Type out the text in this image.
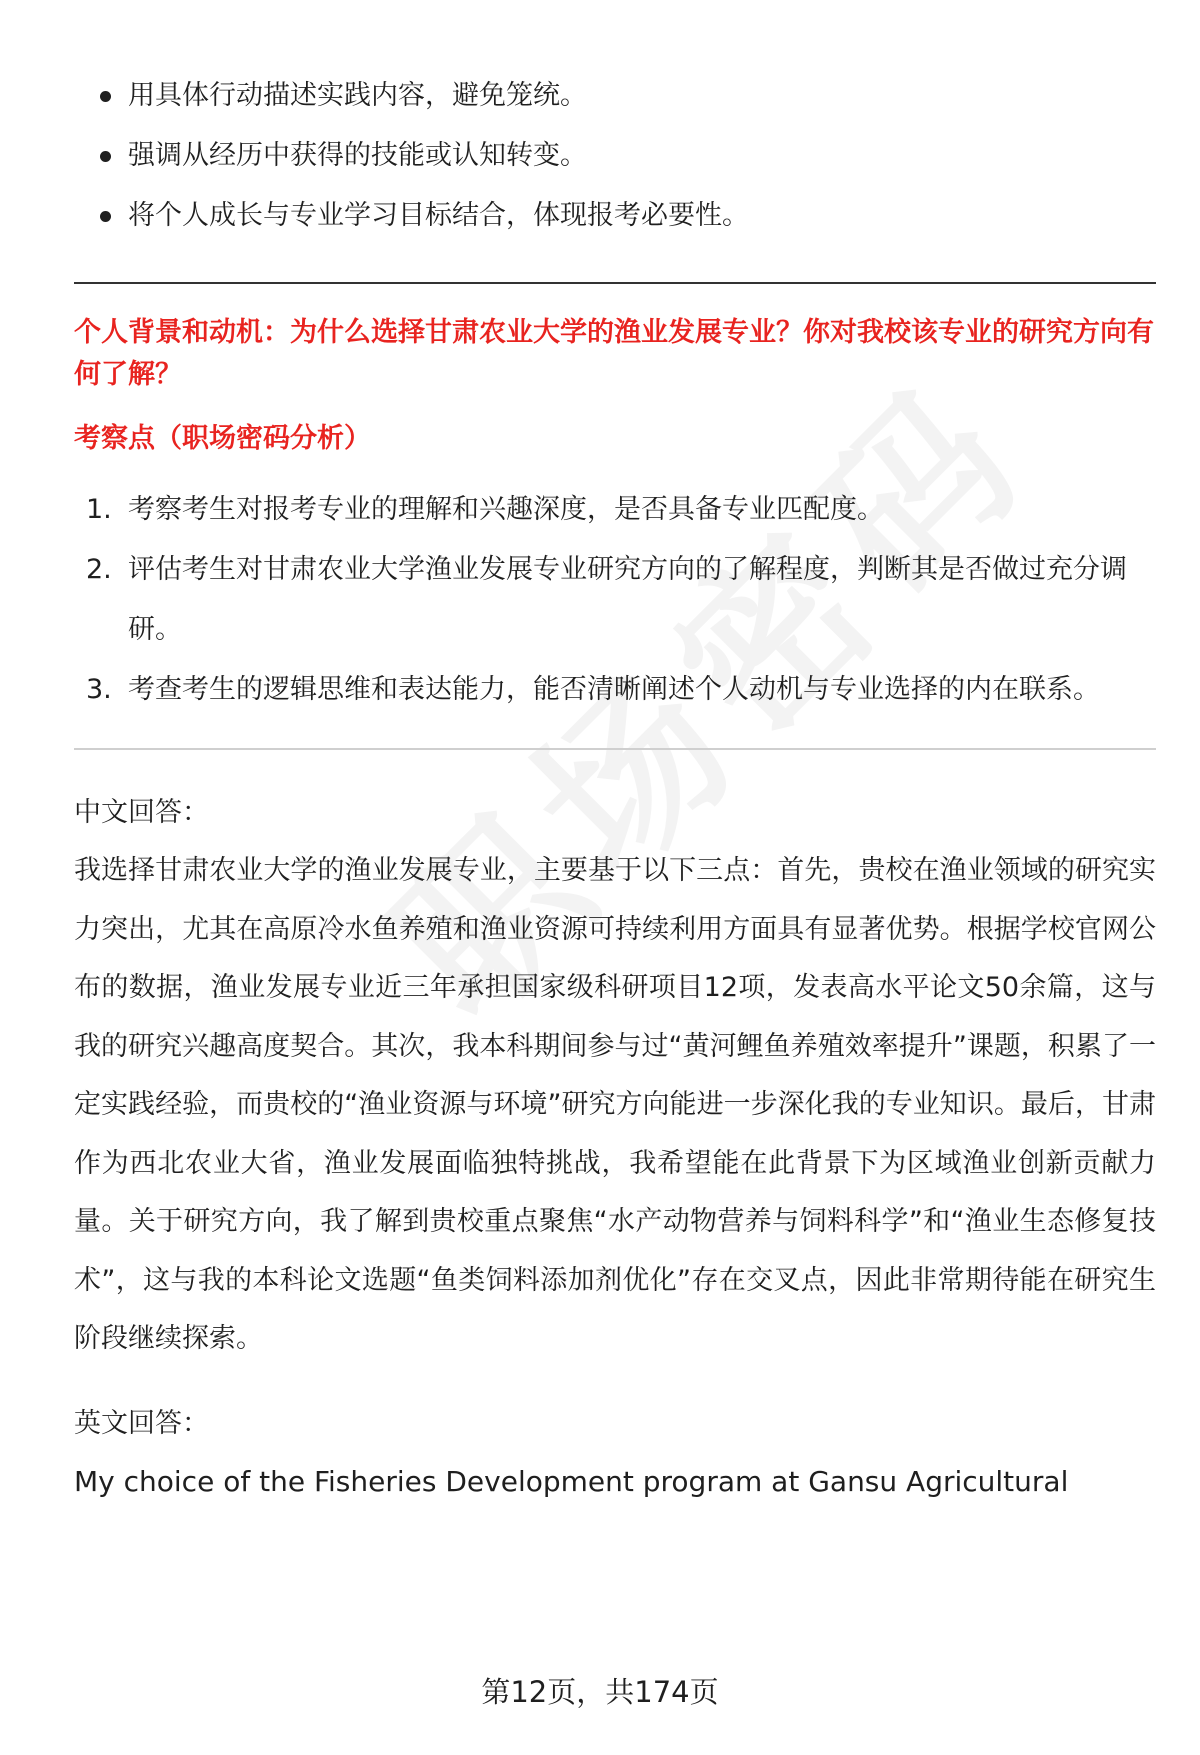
用具体行动描述实践内容，避免笼统。
强调从经历中获得的技能或认知转变。
将个人成长与专业学习目标结合，体现报考必要性。

个人背景和动机：为什么选择甘肃农业大学的渔业发展专业？你对我校该专业的研究方向有何了解？

考察点（职场密码分析）

1. 考察考生对报考专业的理解和兴趣深度，是否具备专业匹配度。
2. 评估考生对甘肃农业大学渔业发展专业研究方向的了解程度，判断其是否做过充分调研。
3. 考查考生的逻辑思维和表达能力，能否清晰阐述个人动机与专业选择的内在联系。

中文回答：

我选择甘肃农业大学的渔业发展专业，主要基于以下三点：首先，贵校在渔业领域的研究实力突出，尤其在高原冷水鱼养殖和渔业资源可持续利用方面具有显著优势。根据学校官网公布的数据，渔业发展专业近三年承担国家级科研项目12项，发表高水平论文50余篇，这与我的研究兴趣高度契合。其次，我本科期间参与过“黄河鲤鱼养殖效率提升”课题，积累了一定实践经验，而贵校的“渔业资源与环境”研究方向能进一步深化我的专业知识。最后，甘肃作为西北农业大省，渔业发展面临独特挑战，我希望能在此背景下为区域渔业创新贡献力量。关于研究方向，我了解到贵校重点聚焦“水产动物营养与饲料科学”和“渔业生态修复技术”，这与我的本科论文选题“鱼类饲料添加剂优化”存在交叉点，因此非常期待能在研究生阶段继续探索。

英文回答：

My choice of the Fisheries Development program at Gansu Agricultural

第12页，共174页
